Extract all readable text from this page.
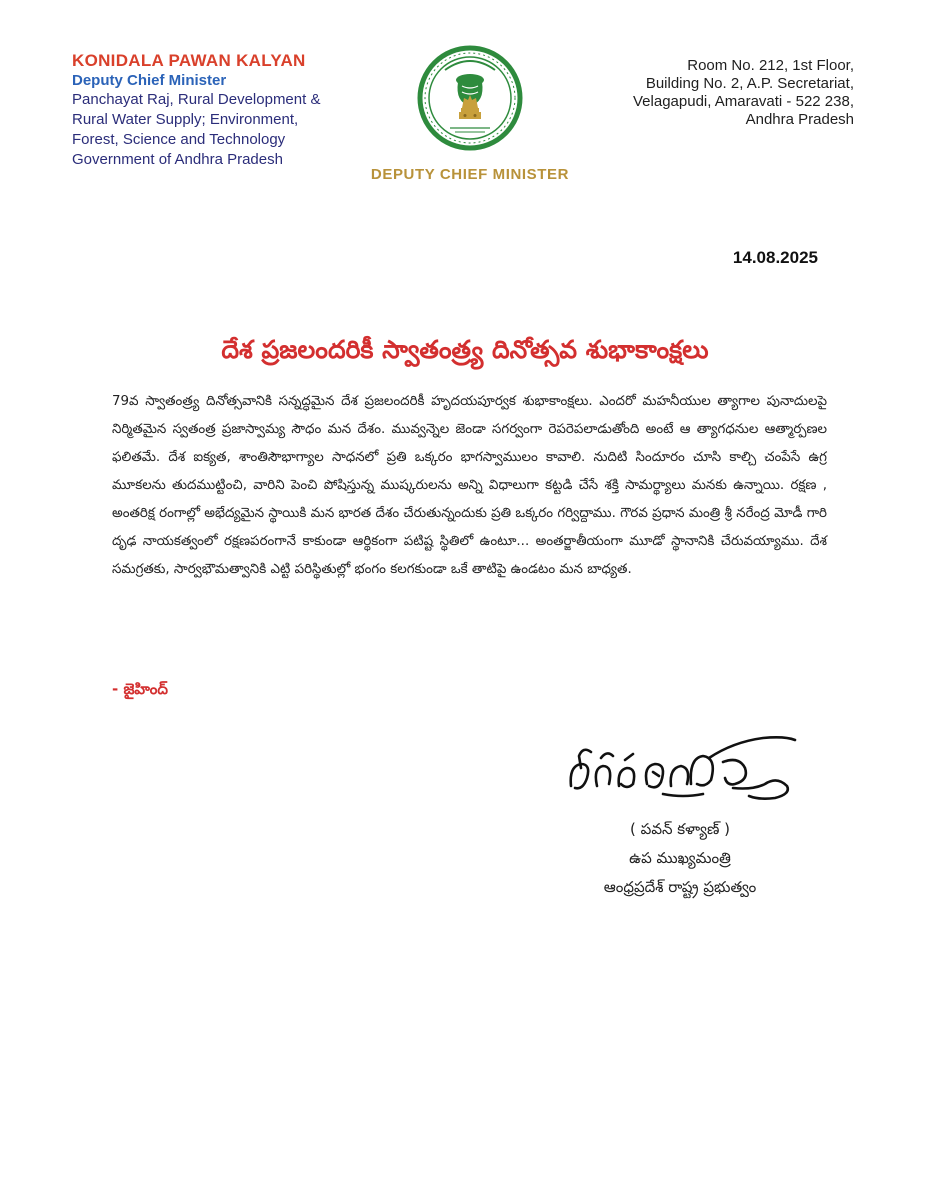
KONIDALA PAWAN KALYAN
Deputy Chief Minister
Panchayat Raj, Rural Development &
Rural Water Supply; Environment,
Forest, Science and Technology
Government of Andhra Pradesh
DEPUTY CHIEF MINISTER
Room No. 212, 1st Floor,
Building No. 2, A.P. Secretariat,
Velagapudi, Amaravati - 522 238,
Andhra Pradesh
14.08.2025
దేశ ప్రజలందరికీ స్వాతంత్ర్య దినోత్సవ శుభాకాంక్షలు
79వ స్వాతంత్ర్య దినోత్సవానికి సన్నద్ధమైన దేశ ప్రజలందరికీ హృదయపూర్వక శుభాకాంక్షలు. ఎందరో మహనీయుల త్యాగాల పునాదులపై నిర్మితమైన స్వతంత్ర ప్రజాస్వామ్య సౌధం మన దేశం. మువ్వన్నెల జెండా సగర్వంగా రెపరెపలాడుతోంది అంటే ఆ త్యాగధనుల ఆత్మార్పణల ఫలితమే. దేశ ఐక్యత, శాంతిసౌభాగ్యాల సాధనలో ప్రతి ఒక్కరం భాగస్వాములం కావాలి. నుదిటి సిందూరం చూసి కాల్చి చంపేసే ఉగ్ర మూకలను తుదముట్టించి, వారిని పెంచి పోషిస్తున్న ముష్కరులను అన్ని విధాలుగా కట్టడి చేసే శక్తి సామర్థ్యాలు మనకు ఉన్నాయి. రక్షణ , అంతరిక్ష రంగాల్లో అభేద్యమైన స్థాయికి మన భారత దేశం చేరుతున్నందుకు ప్రతి ఒక్కరం గర్విద్దాము. గౌరవ ప్రధాన మంత్రి శ్రీ నరేంద్ర మోడీ గారి దృఢ నాయకత్వంలో రక్షణపరంగానే కాకుండా ఆర్థికంగా పటిష్ట స్థితిలో ఉంటూ... అంతర్జాతీయంగా మూడో స్థానానికి చేరువయ్యాము. దేశ సమగ్రతకు, సార్వభౌమత్వానికి ఎట్టి పరిస్థితుల్లో భంగం కలగకుండా ఒకే తాటిపై ఉండటం మన బాధ్యత.
- జైహింద్
( పవన్ కళ్యాణ్ )
ఉప ముఖ్యమంత్రి
ఆంధ్రప్రదేశ్ రాష్ట్ర ప్రభుత్వం
